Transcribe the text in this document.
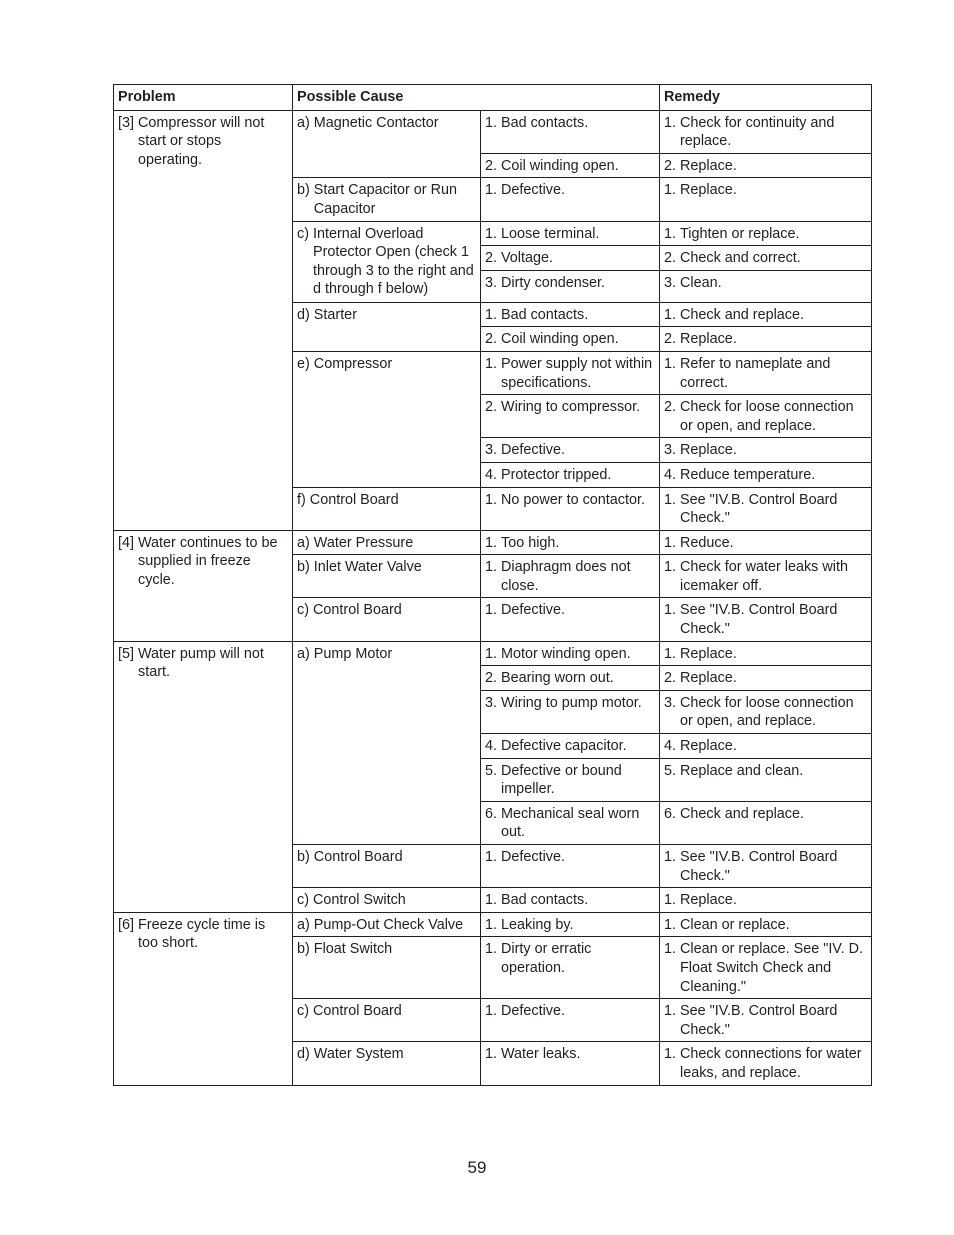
Problem	Possible Cause		Remedy

[3] Compressor will not start or stops operating.	a) Magnetic Contactor	1. Bad contacts.	1. Check for continuity and replace.

		2. Coil winding open.	2. Replace.

	b) Start Capacitor or Run Capacitor	1. Defective.	1. Replace.

	c) Internal Overload Protector Open (check 1 through 3 to the right and d through f below)	1. Loose terminal.	1. Tighten or replace.

		2. Voltage.	2. Check and correct.

		3. Dirty condenser.	3. Clean.

	d) Starter	1. Bad contacts.	1. Check and replace.

		2. Coil winding open.	2. Replace.

	e) Compressor	1. Power supply not within specifications.	1. Refer to nameplate and correct.

		2. Wiring to compressor.	2. Check for loose connection or open, and replace.

		3. Defective.	3. Replace.

		4. Protector tripped.	4. Reduce temperature.

	f) Control Board	1. No power to contactor.	1. See "IV.B. Control Board Check."

[4] Water continues to be supplied in freeze cycle.	a) Water Pressure	1. Too high.	1. Reduce.

	b) Inlet Water Valve	1. Diaphragm does not close.	1. Check for water leaks with icemaker off.

	c) Control Board	1. Defective.	1. See "IV.B. Control Board Check."

[5] Water pump will not start.	a) Pump Motor	1. Motor winding open.	1. Replace.

		2. Bearing worn out.	2. Replace.

		3. Wiring to pump motor.	3. Check for loose connection or open, and replace.

		4. Defective capacitor.	4. Replace.

		5. Defective or bound impeller.	5. Replace and clean.

		6. Mechanical seal worn out.	6. Check and replace.

	b) Control Board	1. Defective.	1. See "IV.B. Control Board Check."

	c) Control Switch	1. Bad contacts.	1. Replace.

[6] Freeze cycle time is too short.	a) Pump-Out Check Valve	1. Leaking by.	1. Clean or replace.

	b) Float Switch	1. Dirty or erratic operation.	1. Clean or replace. See "IV. D. Float Switch Check and Cleaning."

	c) Control Board	1. Defective.	1. See "IV.B. Control Board Check."

	d) Water System	1. Water leaks.	1. Check connections for water leaks, and replace.
59
